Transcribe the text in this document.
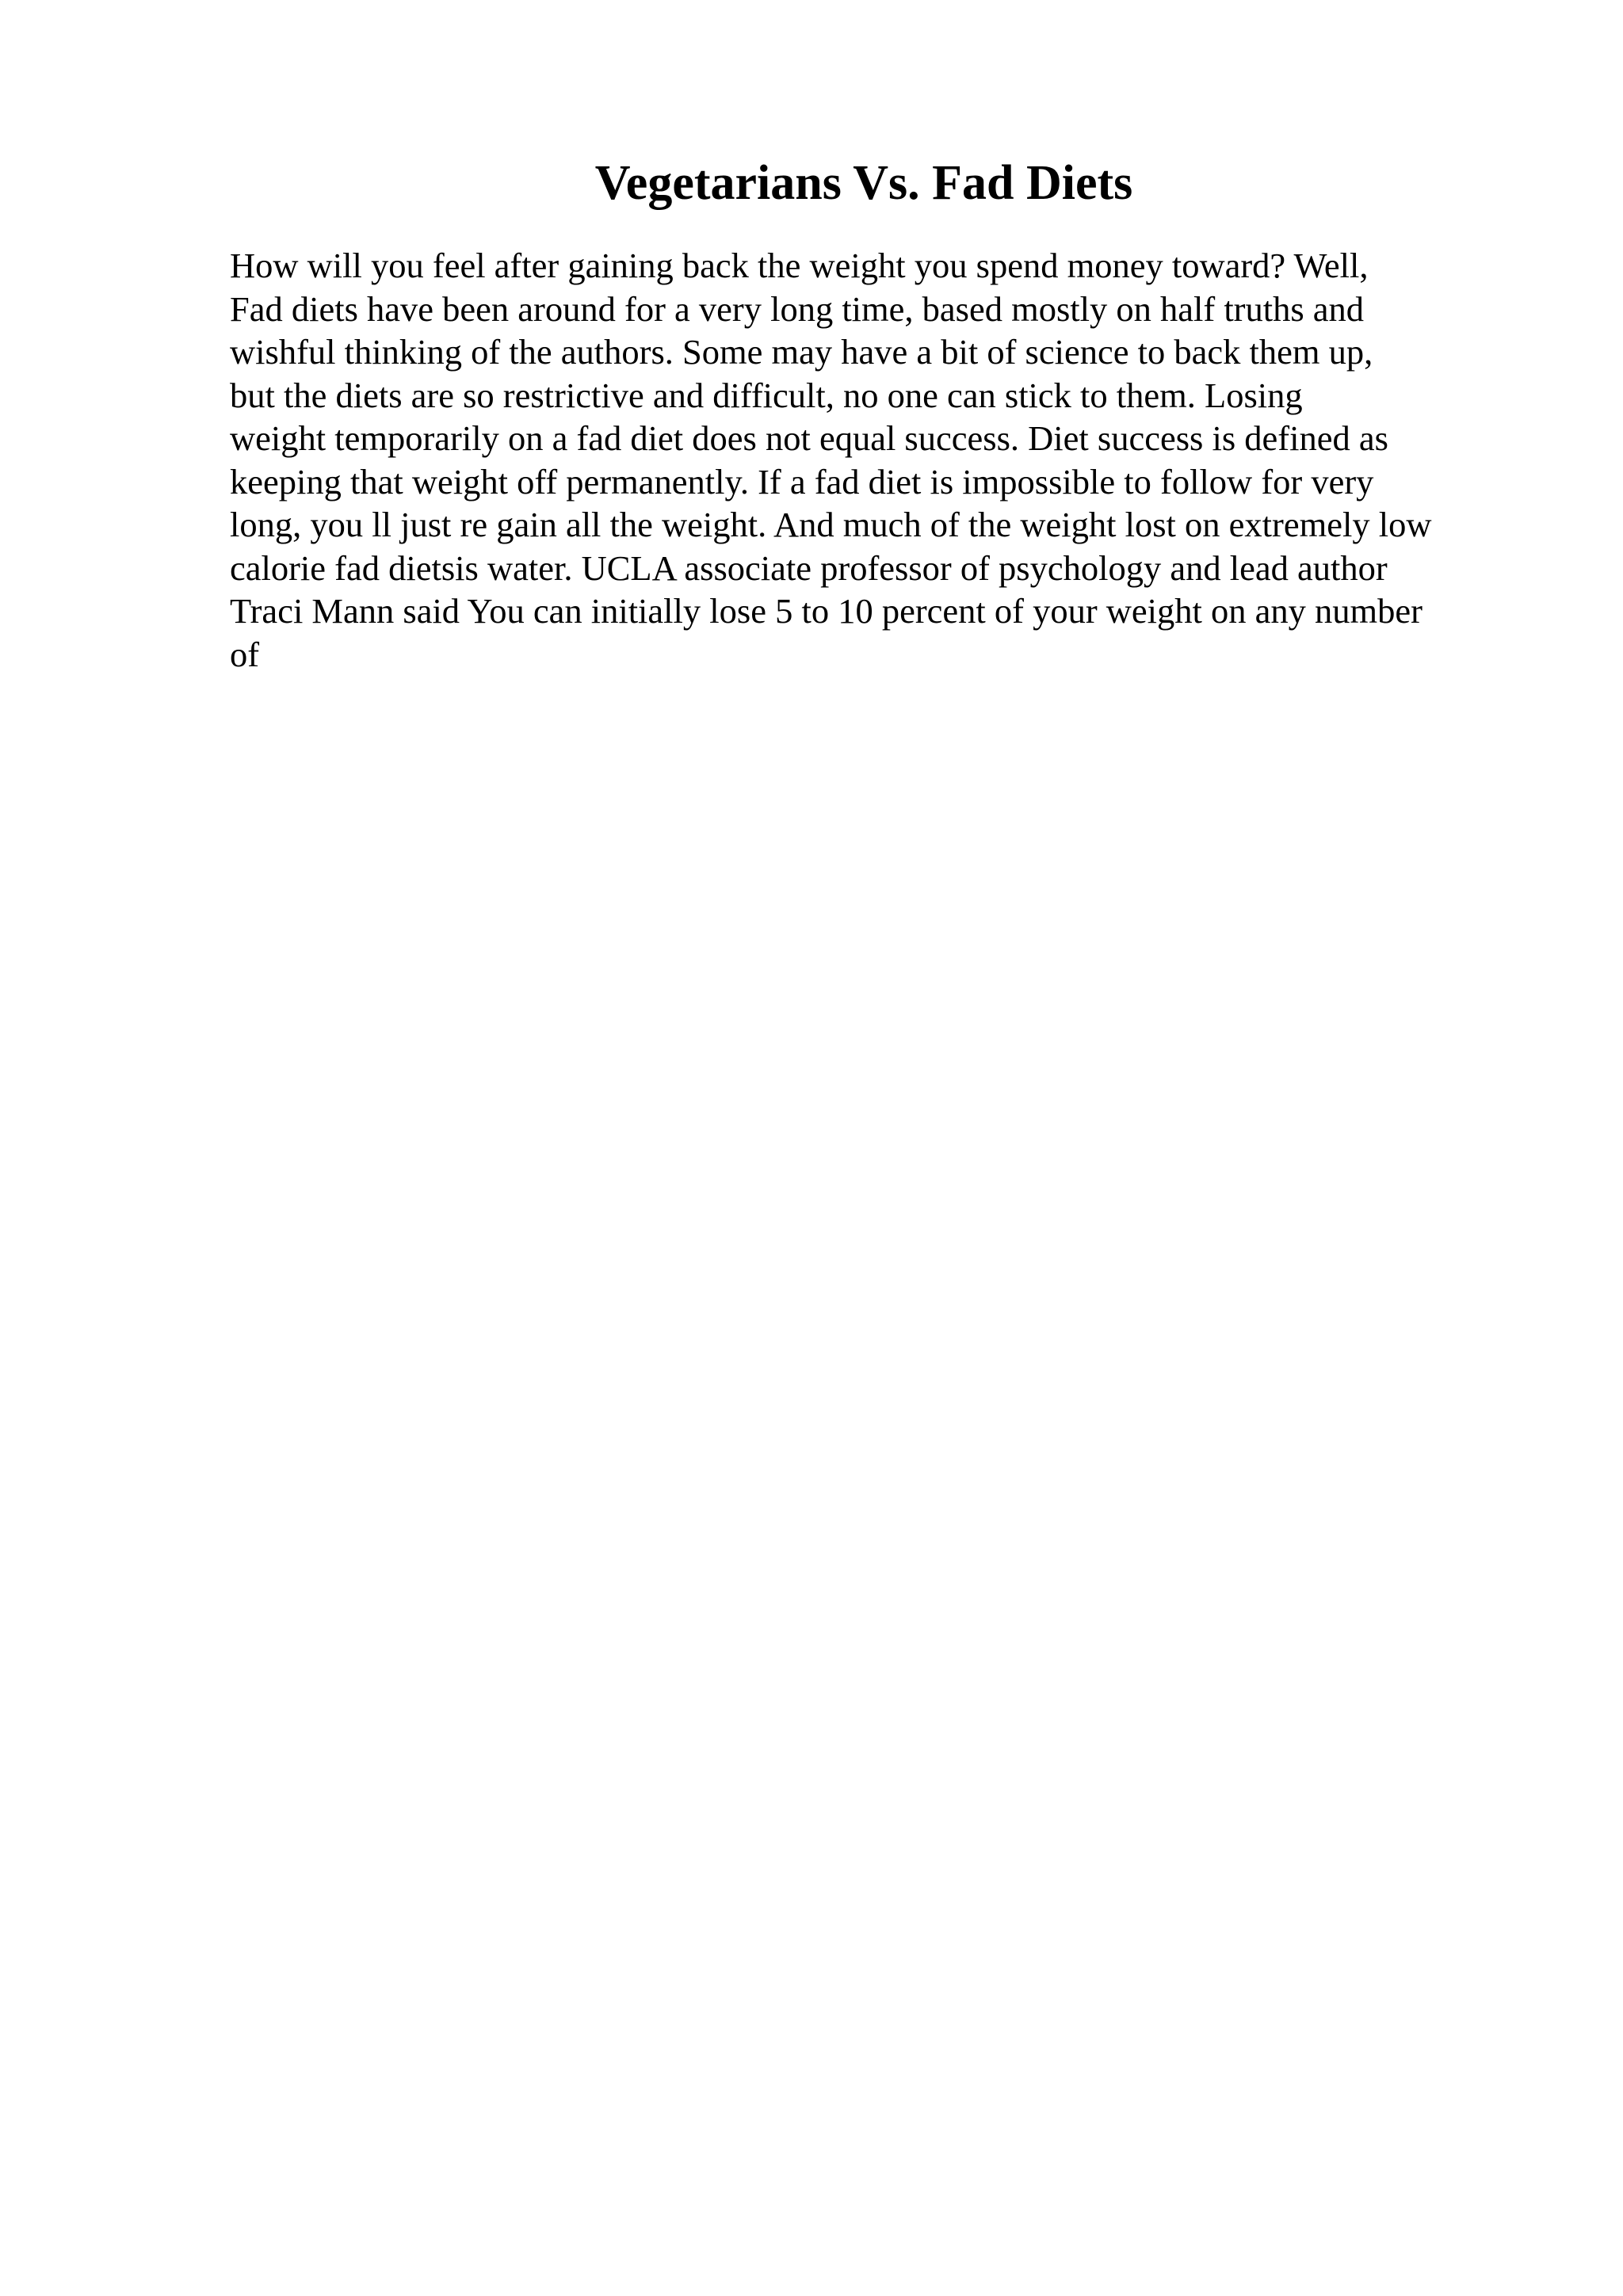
Vegetarians Vs. Fad Diets
How will you feel after gaining back the weight you spend money toward? Well,
Fad diets have been around for a very long time, based mostly on half truths and
wishful thinking of the authors. Some may have a bit of science to back them up,
but the diets are so restrictive and difficult, no one can stick to them. Losing
weight temporarily on a fad diet does not equal success. Diet success is defined as
keeping that weight off permanently. If a fad diet is impossible to follow for very
long, you ll just re gain all the weight. And much of the weight lost on extremely low
calorie fad dietsis water. UCLA associate professor of psychology and lead author
Traci Mann said You can initially lose 5 to 10 percent of your weight on any number
of
